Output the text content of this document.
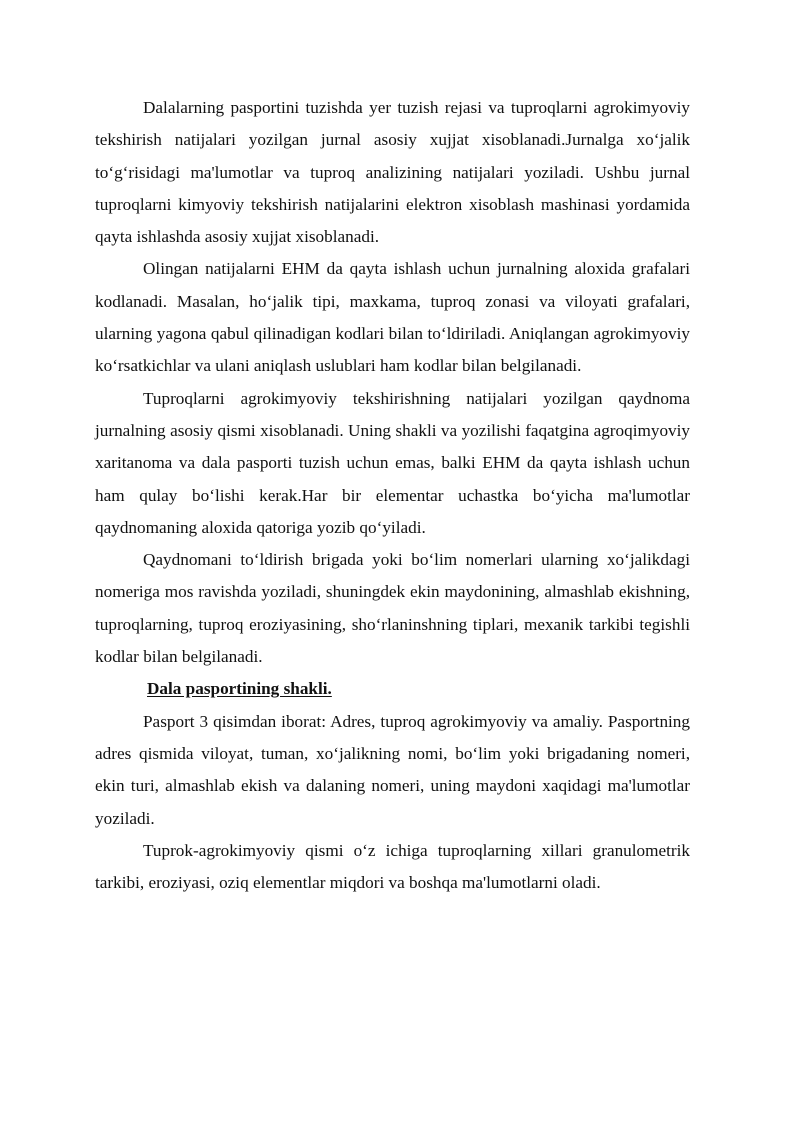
Dalalarning pasportini tuzishda yer tuzish rejasi va tuproqlarni agrokimyoviy tekshirish natijalari yozilgan jurnal asosiy xujjat xisoblanadi.Jurnalga xo‘jalik to‘g‘risidagi ma'lumotlar va tuproq analizining natijalari yoziladi. Ushbu jurnal tuproqlarni kimyoviy tekshirish natijalarini elektron xisoblash mashinasi yordamida qayta ishlashda asosiy xujjat xisoblanadi.

Olingan natijalarni EHM da qayta ishlash uchun jurnalning aloxida grafalari kodlanadi. Masalan, ho‘jalik tipi, maxkama, tuproq zonasi va viloyati grafalari, ularning yagona qabul qilinadigan kodlari bilan to‘ldiriladi. Aniqlangan agrokimyoviy ko‘rsatkichlar va ulani aniqlash uslublari ham kodlar bilan belgilanadi.

Tuproqlarni agrokimyoviy tekshirishning natijalari yozilgan qaydnoma jurnalning asosiy qismi xisoblanadi. Uning shakli va yozilishi faqatgina agroqimyoviy xaritanoma va dala pasporti tuzish uchun emas, balki EHM da qayta ishlash uchun ham qulay bo‘lishi kerak.Har bir elementar uchastka bo‘yicha ma'lumotlar qaydnomaning aloxida qatoriga yozib qo‘yiladi.

Qaydnomani to‘ldirish brigada yoki bo‘lim nomerlari ularning xo‘jalikdagi nomeriga mos ravishda yoziladi, shuningdek ekin maydonining, almashlab ekishning, tuproqlarning, tuproq eroziyasining, sho‘rlaninshning tiplari, mexanik tarkibi tegishli kodlar bilan belgilanadi.

Dala pasportining shakli.

Pasport 3 qisimdan iborat: Adres, tuproq agrokimyoviy va amaliy. Pasportning adres qismida viloyat, tuman, xo‘jalikning nomi, bo‘lim yoki brigadaning nomeri, ekin turi, almashlab ekish va dalaning nomeri, uning maydoni xaqidagi ma'lumotlar yoziladi.

Tuprok-agrokimyoviy qismi o‘z ichiga tuproqlarning xillari granulometrik tarkibi, eroziyasi, oziq elementlar miqdori va boshqa ma'lumotlarni oladi.
